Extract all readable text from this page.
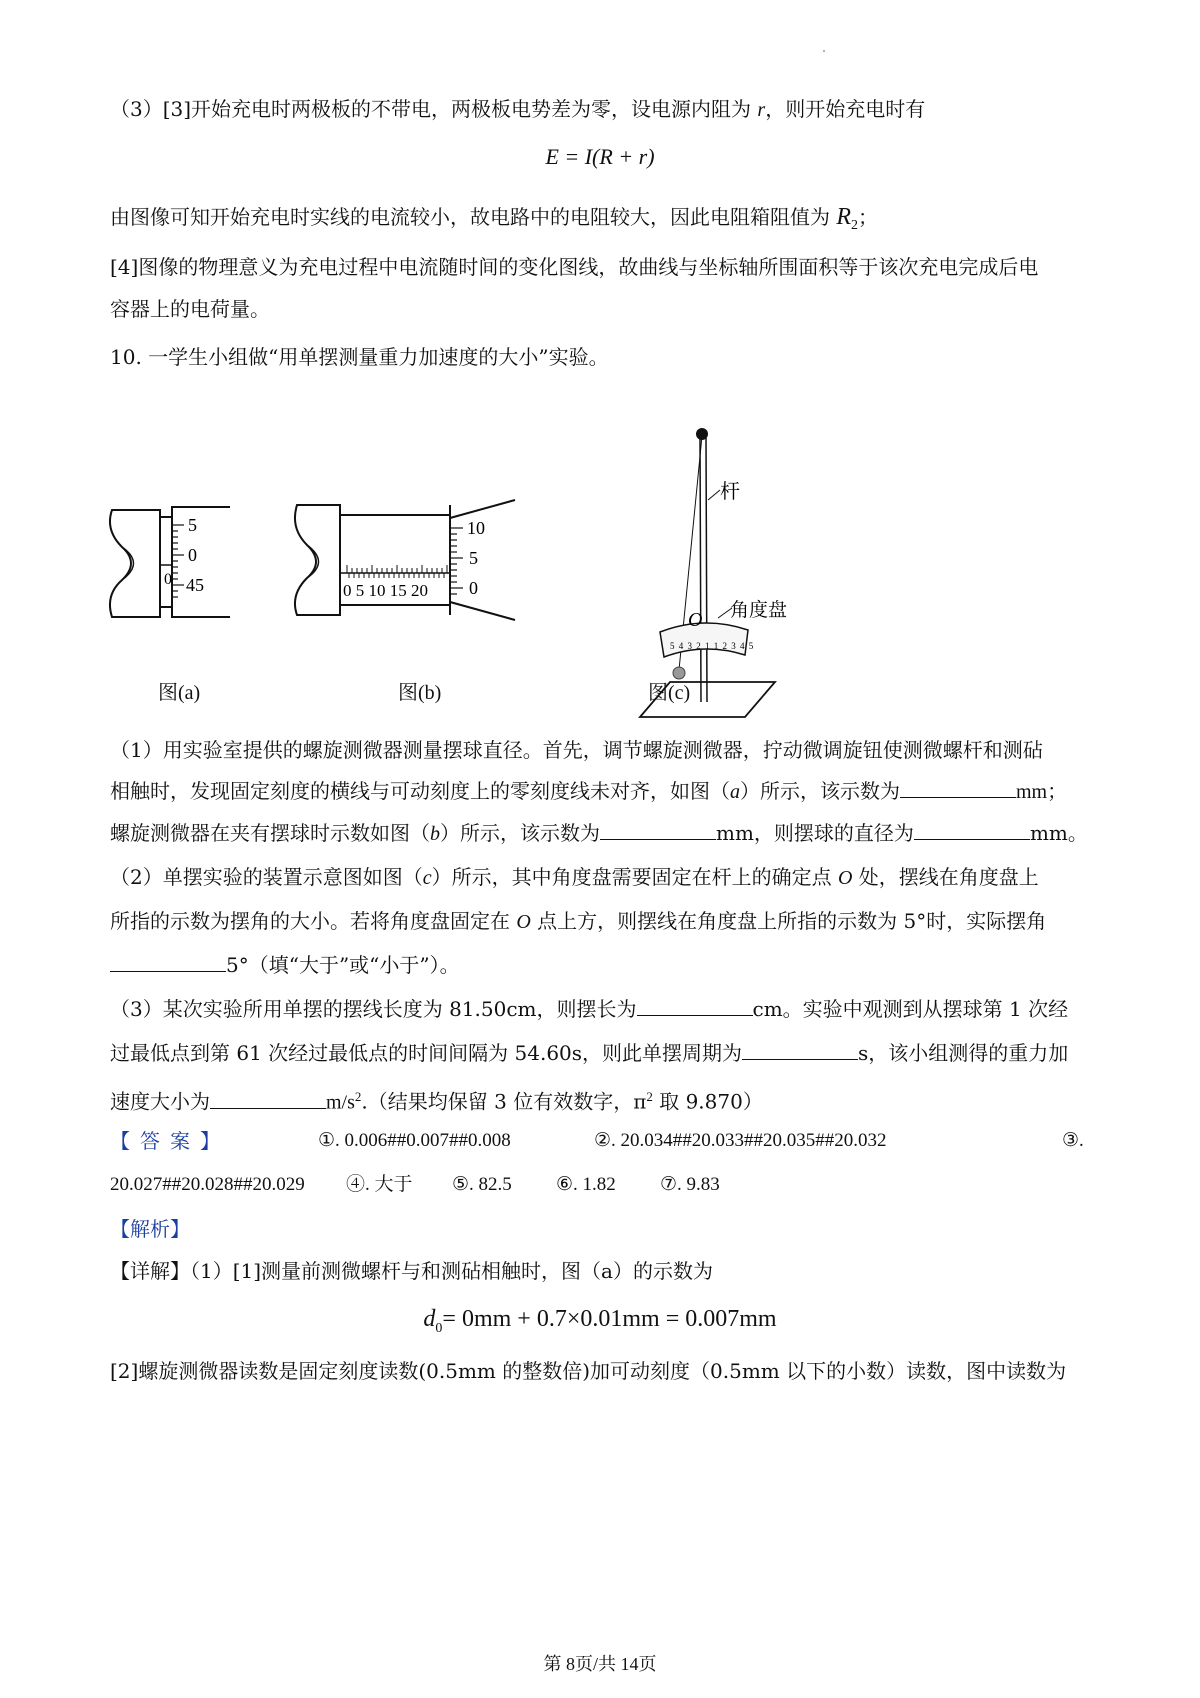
（3）[3]开始充电时两极板的不带电，两极板电势差为零，设电源内阻为 r，则开始充电时有
E = I(R + r)
由图像可知开始充电时实线的电流较小，故电路中的电阻较大，因此电阻箱阻值为 $R_2$；
[4]图像的物理意义为充电过程中电流随时间的变化图线，故曲线与坐标轴所围面积等于该次充电完成后电
容器上的电荷量。
10. 一学生小组做“用单摆测量重力加速度的大小”实验。
0
5
0
45
图(a)
0 5 10 15 20
10
5
0
图(b)
5 4 3 2 1 1 2 3 4 5
杆
O 角度盘
图(c)
（1）用实验室提供的螺旋测微器测量摆球直径。首先，调节螺旋测微器，拧动微调旋钮使测微螺杆和测砧
相触时，发现固定刻度的横线与可动刻度上的零刻度线未对齐，如图（a）所示，该示数为	mm；
螺旋测微器在夹有摆球时示数如图（b）所示，该示数为	mm，则摆球的直径为	mm。
（2）单摆实验的装置示意图如图（c）所示，其中角度盘需要固定在杆上的确定点 O 处，摆线在角度盘上
所指的示数为摆角的大小。若将角度盘固定在 O 点上方，则摆线在角度盘上所指的示数为 5°时，实际摆角
5°（填“大于”或“小于”）。
（3）某次实验所用单摆的摆线长度为 81.50cm，则摆长为	cm。实验中观测到从摆球第 1 次经
过最低点到第 61 次经过最低点的时间间隔为 54.60s，则此单摆周期为	s，该小组测得的重力加
速度大小为	$m/s^2$.（结果均保留 3 位有效数字，$\pi^2$ 取 9.870）
【答案】	①. 0.006##0.007##0.008	②. 20.034##20.033##20.035##20.032	③.
20.027##20.028##20.029	④. 大于	⑤. 82.5	⑥. 1.82	⑦. 9.83
【解析】
【详解】（1）[1]测量前测微螺杆与和测砧相触时，图（a）的示数为
$d_0= 0mm + 0.7\times 0.01mm = 0.007mm$
[2]螺旋测微器读数是固定刻度读数(0.5mm 的整数倍)加可动刻度（0.5mm 以下的小数）读数，图中读数为
第 8页/共 14页
